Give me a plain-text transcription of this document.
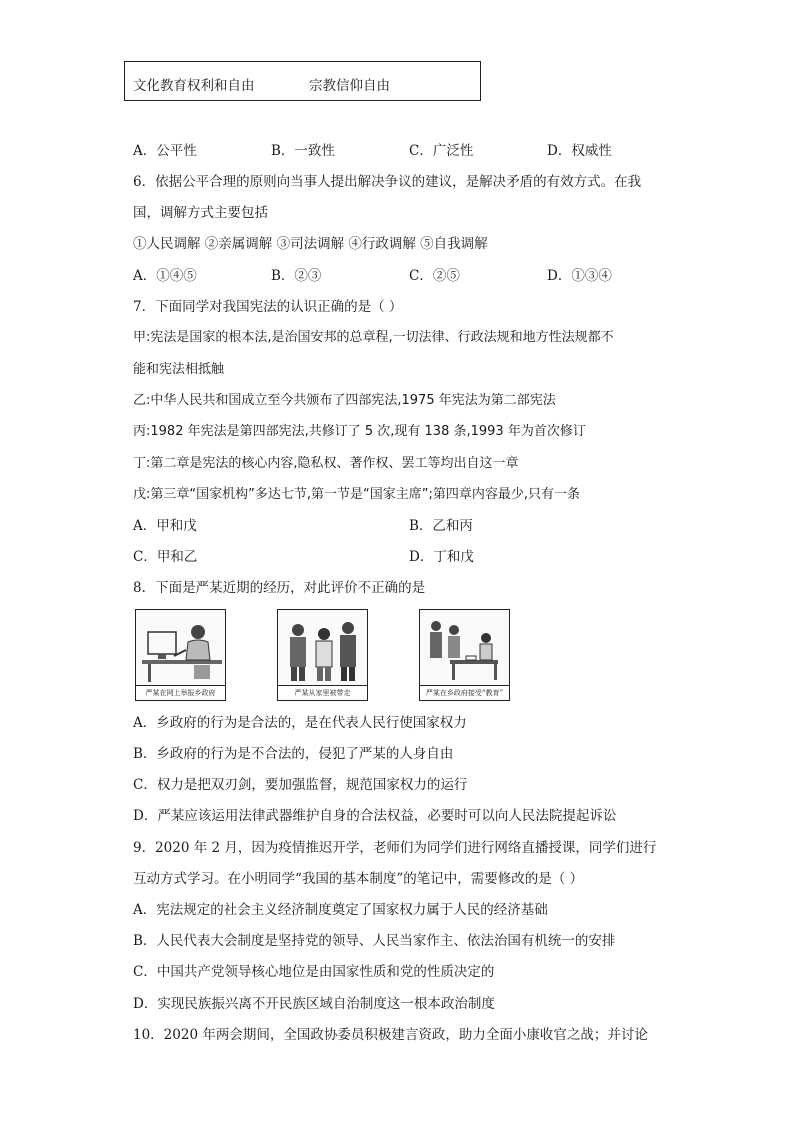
文化教育权利和自由	宗教信仰自由
A．公平性	B．一致性	C．广泛性	D．权威性
6．依据公平合理的原则向当事人提出解决争议的建议，是解决矛盾的有效方式。在我
国，调解方式主要包括
①人民调解 ②亲属调解 ③司法调解 ④行政调解 ⑤自我调解
A．①④⑤	B．②③	C．②⑤	D．①③④
7．下面同学对我国宪法的认识正确的是（ ）
甲:宪法是国家的根本法,是治国安邦的总章程,一切法律、行政法规和地方性法规都不
能和宪法相抵触
乙:中华人民共和国成立至今共颁布了四部宪法,1975 年宪法为第二部宪法
丙:1982 年宪法是第四部宪法,共修订了 5 次,现有 138 条,1993 年为首次修订
丁:第二章是宪法的核心内容,隐私权、著作权、罢工等均出自这一章
戊:第三章“国家机构”多达七节,第一节是“国家主席”;第四章内容最少,只有一条
A．甲和戊	B．乙和丙
C．甲和乙	D．丁和戊
8．下面是严某近期的经历，对此评价不正确的是
严某在网上举报乡政府	严某从家里被带走	严某在乡政府接受“教育”
A．乡政府的行为是合法的，是在代表人民行使国家权力
B．乡政府的行为是不合法的，侵犯了严某的人身自由
C．权力是把双刃剑，要加强监督，规范国家权力的运行
D．严某应该运用法律武器维护自身的合法权益，必要时可以向人民法院提起诉讼
9．2020 年 2 月，因为疫情推迟开学，老师们为同学们进行网络直播授课，同学们进行
互动方式学习。在小明同学“我国的基本制度”的笔记中，需要修改的是（ ）
A．宪法规定的社会主义经济制度奠定了国家权力属于人民的经济基础
B．人民代表大会制度是坚持党的领导、人民当家作主、依法治国有机统一的安排
C．中国共产党领导核心地位是由国家性质和党的性质决定的
D．实现民族振兴离不开民族区域自治制度这一根本政治制度
10．2020 年两会期间，全国政协委员积极建言资政，助力全面小康收官之战；并讨论
